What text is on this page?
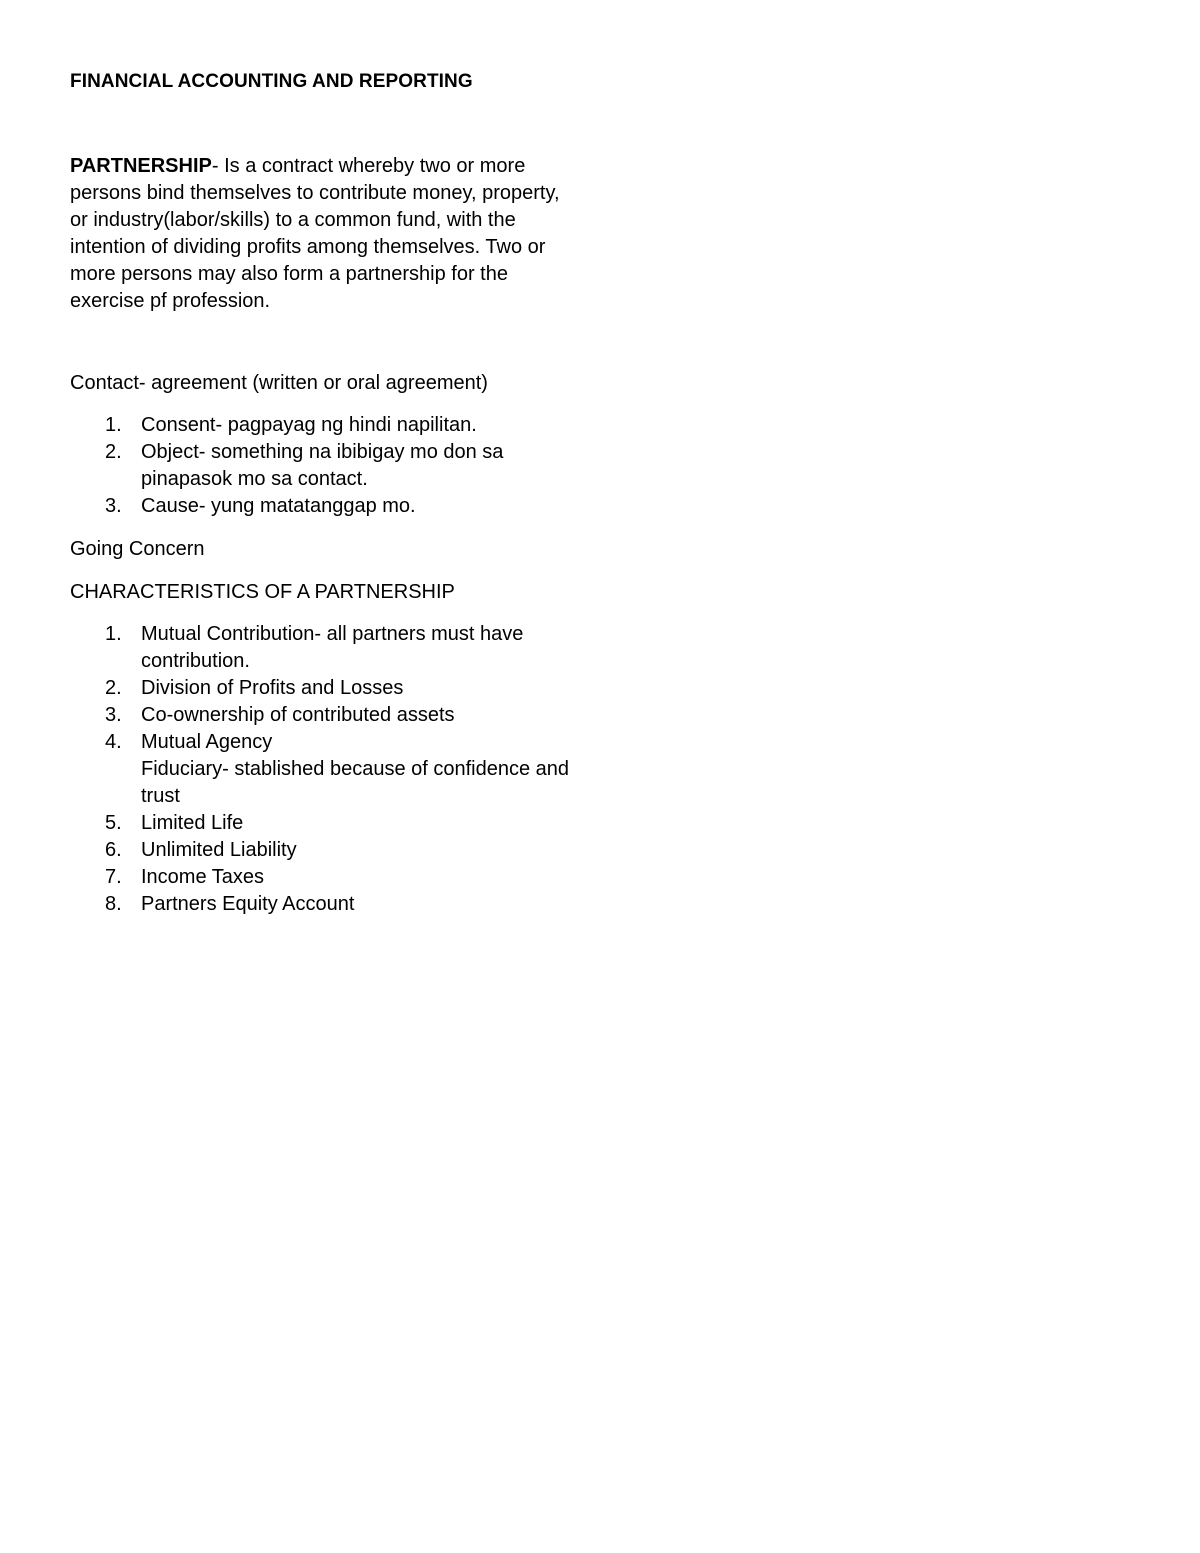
FINANCIAL ACCOUNTING AND REPORTING

PARTNERSHIP- Is a contract whereby two or more persons bind themselves to contribute money, property, or industry(labor/skills) to a common fund, with the intention of dividing profits among themselves. Two or more persons may also form a partnership for the exercise pf profession.

Contact- agreement (written or oral agreement)

1. Consent- pagpayag ng hindi napilitan.
2. Object- something na ibibigay mo don sa pinapasok mo sa contact.
3. Cause- yung matatanggap mo.

Going Concern

CHARACTERISTICS OF A PARTNERSHIP

1. Mutual Contribution- all partners must have contribution.
2. Division of Profits and Losses
3. Co-ownership of contributed assets
4. Mutual Agency
Fiduciary- stablished because of confidence and trust
5. Limited Life
6. Unlimited Liability
7. Income Taxes
8. Partners Equity Account
